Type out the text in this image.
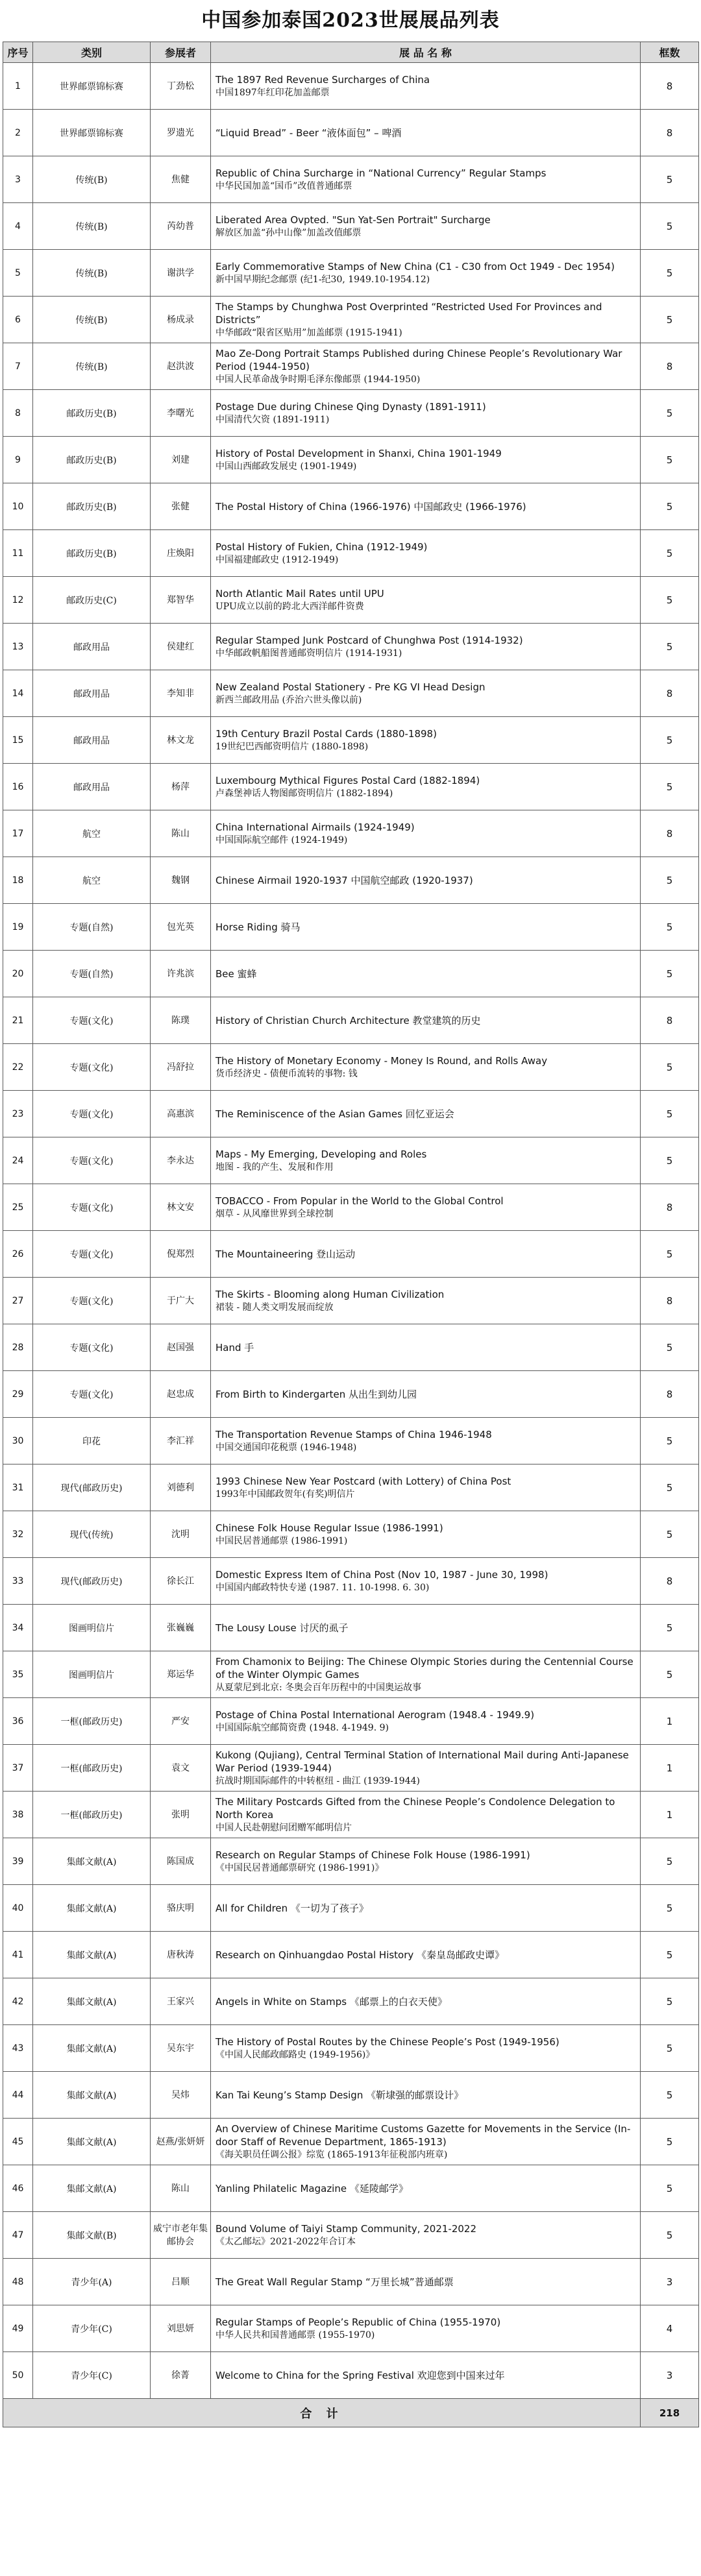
中国参加泰国2023世展展品列表
序号	类别	参展者	展 品 名 称	框数
1	世界邮票锦标赛	丁劲松	The 1897 Red Revenue Surcharges of China
中国1897年红印花加盖邮票	8
2	世界邮票锦标赛	罗遗光	“Liquid Bread” - Beer “液体面包” – 啤酒	8
3	传统(B)	焦健	Republic of China Surcharge in “National Currency” Regular Stamps
中华民国加盖“国币”改值普通邮票	5
4	传统(B)	芮幼普	Liberated Area Ovpted. "Sun Yat-Sen Portrait" Surcharge
解放区加盖“孙中山像”加盖改值邮票	5
5	传统(B)	谢洪学	Early Commemorative Stamps of New China (C1 - C30 from Oct 1949 - Dec 1954)
新中国早期纪念邮票 (纪1-纪30, 1949.10-1954.12)	5
6	传统(B)	杨成录	The Stamps by Chunghwa Post Overprinted “Restricted Used For Provinces and Districts”
中华邮政“限省区贴用”加盖邮票 (1915-1941)	5
7	传统(B)	赵洪波	Mao Ze-Dong Portrait Stamps Published during Chinese People’s Revolutionary War Period (1944-1950)
中国人民革命战争时期毛泽东像邮票 (1944-1950)	8
8	邮政历史(B)	李曙光	Postage Due during Chinese Qing Dynasty (1891-1911)
中国清代欠资 (1891-1911)	5
9	邮政历史(B)	刘建	History of Postal Development in Shanxi, China 1901-1949
中国山西邮政发展史 (1901-1949)	5
10	邮政历史(B)	张健	The Postal History of China (1966-1976) 中国邮政史 (1966-1976)	5
11	邮政历史(B)	庄焕阳	Postal History of Fukien, China (1912-1949)
中国福建邮政史 (1912-1949)	5
12	邮政历史(C)	郑智华	North Atlantic Mail Rates until UPU
UPU成立以前的跨北大西洋邮件资费	5
13	邮政用品	侯建红	Regular Stamped Junk Postcard of Chunghwa Post (1914-1932)
中华邮政帆船图普通邮资明信片 (1914-1931)	5
14	邮政用品	李知非	New Zealand Postal Stationery - Pre KG VI Head Design
新西兰邮政用品 (乔治六世头像以前)	8
15	邮政用品	林文龙	19th Century Brazil Postal Cards (1880-1898)
19世纪巴西邮资明信片 (1880-1898)	5
16	邮政用品	杨萍	Luxembourg Mythical Figures Postal Card (1882-1894)
卢森堡神话人物图邮资明信片 (1882-1894)	5
17	航空	陈山	China International Airmails (1924-1949)
中国国际航空邮件 (1924-1949)	8
18	航空	魏钢	Chinese Airmail 1920-1937 中国航空邮政 (1920-1937)	5
19	专题(自然)	包光英	Horse Riding 骑马	5
20	专题(自然)	许兆滨	Bee 蜜蜂	5
21	专题(文化)	陈璞	History of Christian Church Architecture 教堂建筑的历史	8
22	专题(文化)	冯舒拉	The History of Monetary Economy - Money Is Round, and Rolls Away
货币经济史 - 债便币流转的事物: 钱	5
23	专题(文化)	高惠滨	The Reminiscence of the Asian Games 回忆亚运会	5
24	专题(文化)	李永达	Maps - My Emerging, Developing and Roles
地图 - 我的产生、发展和作用	5
25	专题(文化)	林文安	TOBACCO - From Popular in the World to the Global Control
烟草 - 从风靡世界到全球控制	8
26	专题(文化)	倪郑烈	The Mountaineering 登山运动	5
27	专题(文化)	于广大	The Skirts - Blooming along Human Civilization
裙装 - 随人类文明发展而绽放	8
28	专题(文化)	赵国强	Hand 手	5
29	专题(文化)	赵忠成	From Birth to Kindergarten 从出生到幼儿园	8
30	印花	李汇祥	The Transportation Revenue Stamps of China 1946-1948
中国交通国印花税票 (1946-1948)	5
31	现代(邮政历史)	刘德利	1993 Chinese New Year Postcard (with Lottery) of China Post
1993年中国邮政贺年(有奖)明信片	5
32	现代(传统)	沈明	Chinese Folk House Regular Issue (1986-1991)
中国民居普通邮票 (1986-1991)	5
33	现代(邮政历史)	徐长江	Domestic Express Item of China Post (Nov 10, 1987 - June 30, 1998)
中国国内邮政特快专递 (1987. 11. 10-1998. 6. 30)	8
34	图画明信片	张巍巍	The Lousy Louse 讨厌的虱子	5
35	图画明信片	郑运华	From Chamonix to Beijing: The Chinese Olympic Stories during the Centennial Course of the Winter Olympic Games
从夏蒙尼到北京: 冬奥会百年历程中的中国奥运故事	5
36	一框(邮政历史)	严安	Postage of China Postal International Aerogram (1948.4 - 1949.9)
中国国际航空邮简资费 (1948. 4-1949. 9)	1
37	一框(邮政历史)	袁文	Kukong (Qujiang), Central Terminal Station of International Mail during Anti-Japanese War Period (1939-1944)
抗战时期国际邮件的中转枢纽 - 曲江 (1939-1944)	1
38	一框(邮政历史)	张明	The Military Postcards Gifted from the Chinese People’s Condolence Delegation to North Korea
中国人民赴朝慰问团赠军邮明信片	1
39	集邮文献(A)	陈国成	Research on Regular Stamps of Chinese Folk House (1986-1991)
《中国民居普通邮票研究 (1986-1991)》	5
40	集邮文献(A)	骆庆明	All for Children 《一切为了孩子》	5
41	集邮文献(A)	唐秋涛	Research on Qinhuangdao Postal History 《秦皇岛邮政史谭》	5
42	集邮文献(A)	王家兴	Angels in White on Stamps 《邮票上的白衣天使》	5
43	集邮文献(A)	吴东宇	The History of Postal Routes by the Chinese People’s Post (1949-1956)
《中国人民邮政邮路史 (1949-1956)》	5
44	集邮文献(A)	吴炜	Kan Tai Keung’s Stamp Design 《靳埭强的邮票设计》	5
45	集邮文献(A)	赵燕/张妍妍	An Overview of Chinese Maritime Customs Gazette for Movements in the Service (In-door Staff of Revenue Department, 1865-1913)
《海关职员任调公报》综览 (1865-1913年征税部内班章)	5
46	集邮文献(A)	陈山	Yanling Philatelic Magazine 《延陵邮学》	5
47	集邮文献(B)	威宁市老年集邮协会	Bound Volume of Taiyi Stamp Community, 2021-2022
《太乙邮坛》2021-2022年合订本	5
48	青少年(A)	吕顺	The Great Wall Regular Stamp “万里长城”普通邮票	3
49	青少年(C)	刘思妍	Regular Stamps of People’s Republic of China (1955-1970)
中华人民共和国普通邮票 (1955-1970)	4
50	青少年(C)	徐菁	Welcome to China for the Spring Festival 欢迎您到中国来过年	3
合 计				218
